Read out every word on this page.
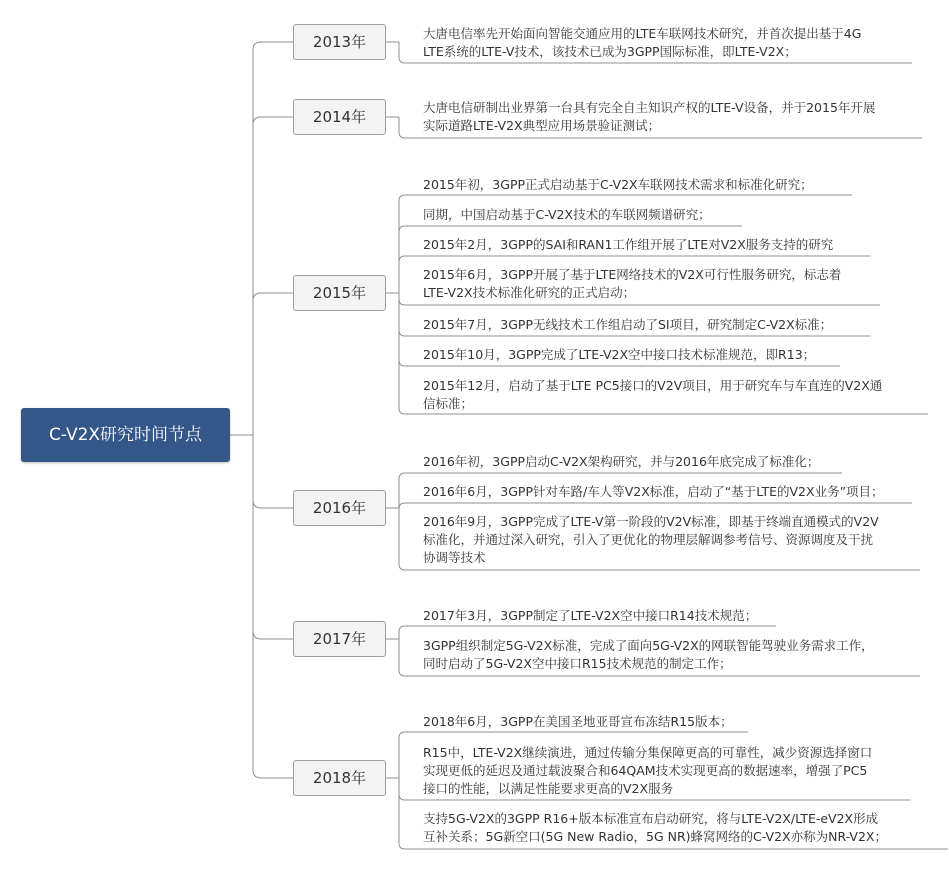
C-V2X研究时间节点
2013年	大唐电信率先开始面向智能交通应用的LTE车联网技术研究，并首次提出基于4G
LTE系统的LTE-V技术，该技术已成为3GPP国际标准，即LTE-V2X；
2014年
大唐电信研制出业界第一台具有完全自主知识产权的LTE-V设备，并于2015年开展
实际道路LTE-V2X典型应用场景验证测试；
2015年
2015年初，3GPP正式启动基于C-V2X车联网技术需求和标准化研究；
同期，中国启动基于C-V2X技术的车联网频谱研究；
2015年2月，3GPP的SAI和RAN1工作组开展了LTE对V2X服务支持的研究
2015年6月，3GPP开展了基于LTE网络技术的V2X可行性服务研究，标志着
LTE-V2X技术标准化研究的正式启动；
2015年7月，3GPP无线技术工作组启动了SI项目，研究制定C-V2X标准；
2015年10月，3GPP完成了LTE-V2X空中接口技术标准规范，即R13；
2015年12月，启动了基于LTE PC5接口的V2V项目，用于研究车与车直连的V2X通
信标准；
2016年
2016年初，3GPP启动C-V2X架构研究，并与2016年底完成了标准化；
2016年6月，3GPP针对车路/车人等V2X标准，启动了“基于LTE的V2X业务”项目；
2016年9月，3GPP完成了LTE-V第一阶段的V2V标准，即基于终端直通模式的V2V
标准化，并通过深入研究，引入了更优化的物理层解调参考信号、资源调度及干扰
协调等技术
2017年
2017年3月，3GPP制定了LTE-V2X空中接口R14技术规范；
3GPP组织制定5G-V2X标准，完成了面向5G-V2X的网联智能驾驶业务需求工作，
同时启动了5G-V2X空中接口R15技术规范的制定工作；
2018年
2018年6月，3GPP在美国圣地亚哥宣布冻结R15版本；
R15中，LTE-V2X继续演进，通过传输分集保障更高的可靠性，减少资源选择窗口
实现更低的延迟及通过载波聚合和64QAM技术实现更高的数据速率，增强了PC5
接口的性能，以满足性能要求更高的V2X服务
支持5G-V2X的3GPP R16+版本标准宣布启动研究，将与LTE-V2X/LTE-eV2X形成
互补关系；5G新空口(5G New Radio，5G NR)蜂窝网络的C-V2X亦称为NR-V2X；
